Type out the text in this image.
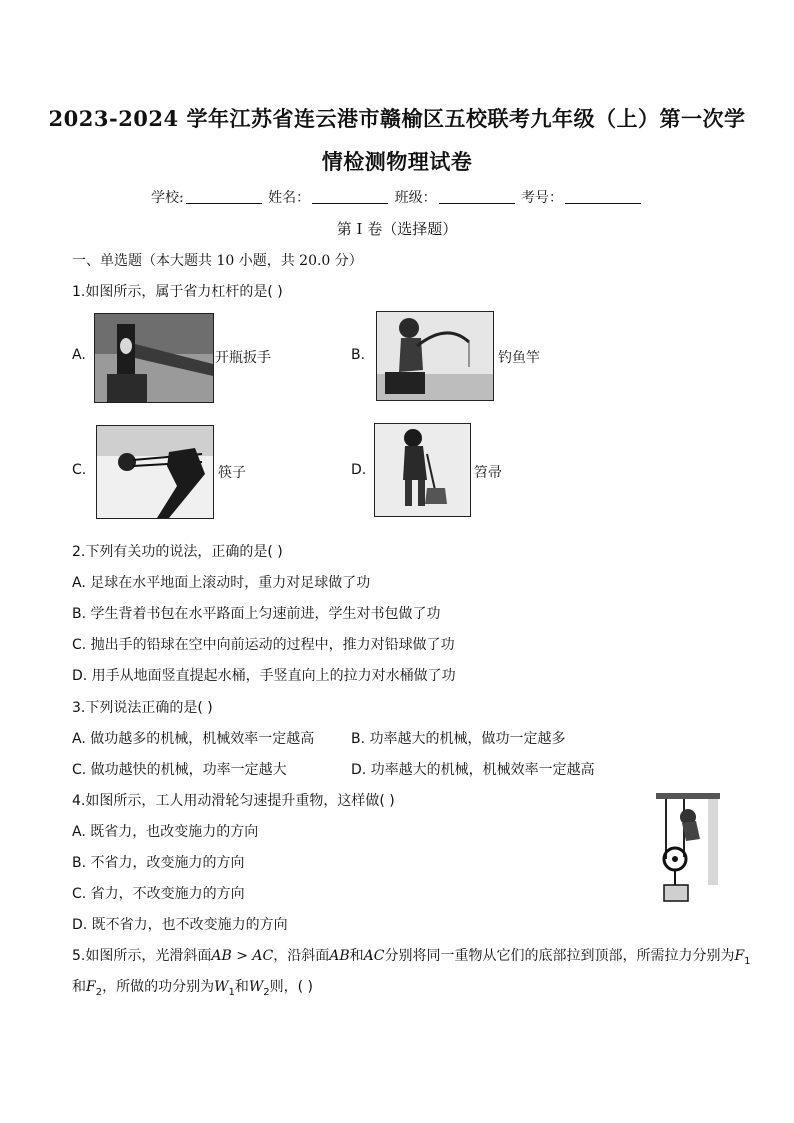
2023-2024 学年江苏省连云港市赣榆区五校联考九年级（上）第一次学
情检测物理试卷
学校:	姓名：	班级：	考号：
第 I 卷（选择题）
一、单选题（本大题共 10 小题，共 20.0 分）
1.如图所示，属于省力杠杆的是( )
A.	开瓶扳手	B.	钓鱼竿
C.	筷子	D.	笤帚
2.下列有关功的说法，正确的是( )
A. 足球在水平地面上滚动时，重力对足球做了功
B. 学生背着书包在水平路面上匀速前进，学生对书包做了功
C. 抛出手的铅球在空中向前运动的过程中，推力对铅球做了功
D. 用手从地面竖直提起水桶，手竖直向上的拉力对水桶做了功
3.下列说法正确的是( )
A. 做功越多的机械，机械效率一定越高	B. 功率越大的机械，做功一定越多
C. 做功越快的机械，功率一定越大	D. 功率越大的机械，机械效率一定越高
4.如图所示，工人用动滑轮匀速提升重物，这样做( )
A. 既省力，也改变施力的方向
B. 不省力，改变施力的方向
C. 省力，不改变施力的方向
D. 既不省力，也不改变施力的方向
5.如图所示，光滑斜面AB > AC，沿斜面AB和AC分别将同一重物从它们的底部拉到顶部，所需拉力分别为$F_1$
和$F_2$，所做的功分别为$W_1$和$W_2$则，( )
